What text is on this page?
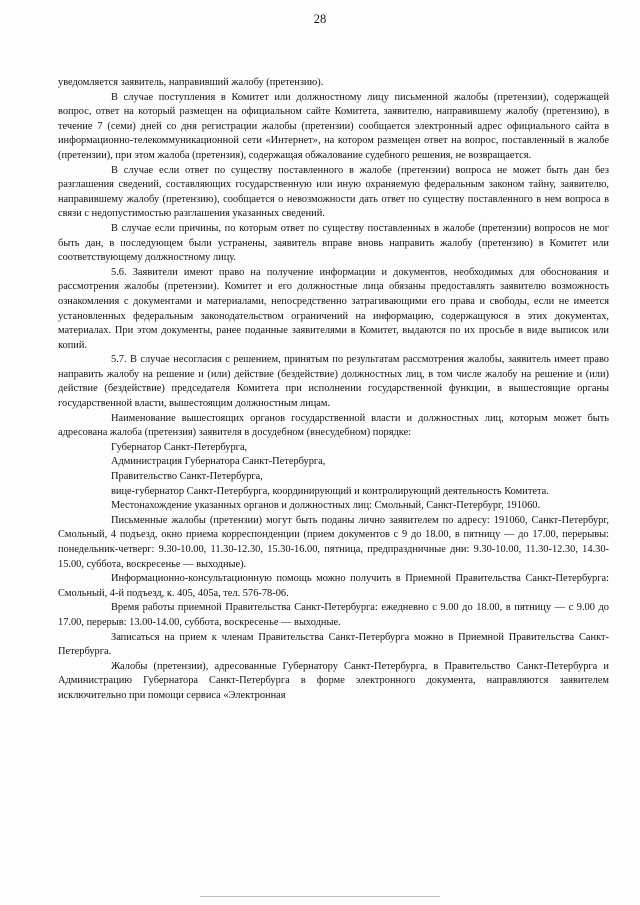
28

уведомляется заявитель, направивший жалобу (претензию).

В случае поступления в Комитет или должностному лицу письменной жалобы (претензии), содержащей вопрос, ответ на который размещен на официальном сайте Комитета, заявителю, направившему жалобу (претензию), в течение 7 (семи) дней со дня регистрации жалобы (претензии) сообщается электронный адрес официального сайта в информационно-телекоммуникационной сети «Интернет», на котором размещен ответ на вопрос, поставленный в жалобе (претензии), при этом жалоба (претензия), содержащая обжалование судебного решения, не возвращается.

В случае если ответ по существу поставленного в жалобе (претензии) вопроса не может быть дан без разглашения сведений, составляющих государственную или иную охраняемую федеральным законом тайну, заявителю, направившему жалобу (претензию), сообщается о невозможности дать ответ по существу поставленного в нем вопроса в связи с недопустимостью разглашения указанных сведений.

В случае если причины, по которым ответ по существу поставленных в жалобе (претензии) вопросов не мог быть дан, в последующем были устранены, заявитель вправе вновь направить жалобу (претензию) в Комитет или соответствующему должностному лицу.

5.6. Заявители имеют право на получение информации и документов, необходимых для обоснования и рассмотрения жалобы (претензии). Комитет и его должностные лица обязаны предоставлять заявителю возможность ознакомления с документами и материалами, непосредственно затрагивающими его права и свободы, если не имеется установленных федеральным законодательством ограничений на информацию, содержащуюся в этих документах, материалах. При этом документы, ранее поданные заявителями в Комитет, выдаются по их просьбе в виде выписок или копий.

5.7. В случае несогласия с решением, принятым по результатам рассмотрения жалобы, заявитель имеет право направить жалобу на решение и (или) действие (бездействие) должностных лиц, в том числе жалобу на решение и (или) действие (бездействие) председателя Комитета при исполнении государственной функции, в вышестоящие органы государственной власти, вышестоящим должностным лицам.

Наименование вышестоящих органов государственной власти и должностных лиц, которым может быть адресована жалоба (претензия) заявителя в досудебном (внесудебном) порядке:

Губернатор Санкт-Петербурга,

Администрация Губернатора Санкт-Петербурга,

Правительство Санкт-Петербурга,

вице-губернатор Санкт-Петербурга, координирующий и контролирующий деятельность Комитета.

Местонахождение указанных органов и должностных лиц: Смольный, Санкт-Петербург, 191060.

Письменные жалобы (претензии) могут быть поданы лично заявителем по адресу: 191060, Санкт-Петербург, Смольный, 4 подъезд, окно приема корреспонденции (прием документов с 9 до 18.00, в пятницу — до 17.00, перерывы: понедельник-четверг: 9.30-10.00, 11.30-12.30, 15.30-16.00, пятница, предпраздничные дни: 9.30-10.00, 11.30-12.30, 14.30-15.00, суббота, воскресенье — выходные).

Информационно-консультационную помощь можно получить в Приемной Правительства Санкт-Петербурга: Смольный, 4-й подъезд, к. 405, 405а, тел. 576-78-06.

Время работы приемной Правительства Санкт-Петербурга: ежедневно с 9.00 до 18.00, в пятницу — с 9.00 до 17.00, перерыв: 13.00-14.00, суббота, воскресенье — выходные.

Записаться на прием к членам Правительства Санкт-Петербурга можно в Приемной Правительства Санкт-Петербурга.

Жалобы (претензии), адресованные Губернатору Санкт-Петербурга, в Правительство Санкт-Петербурга и Администрацию Губернатора Санкт-Петербурга в форме электронного документа, направляются заявителем исключительно при помощи сервиса «Электронная
